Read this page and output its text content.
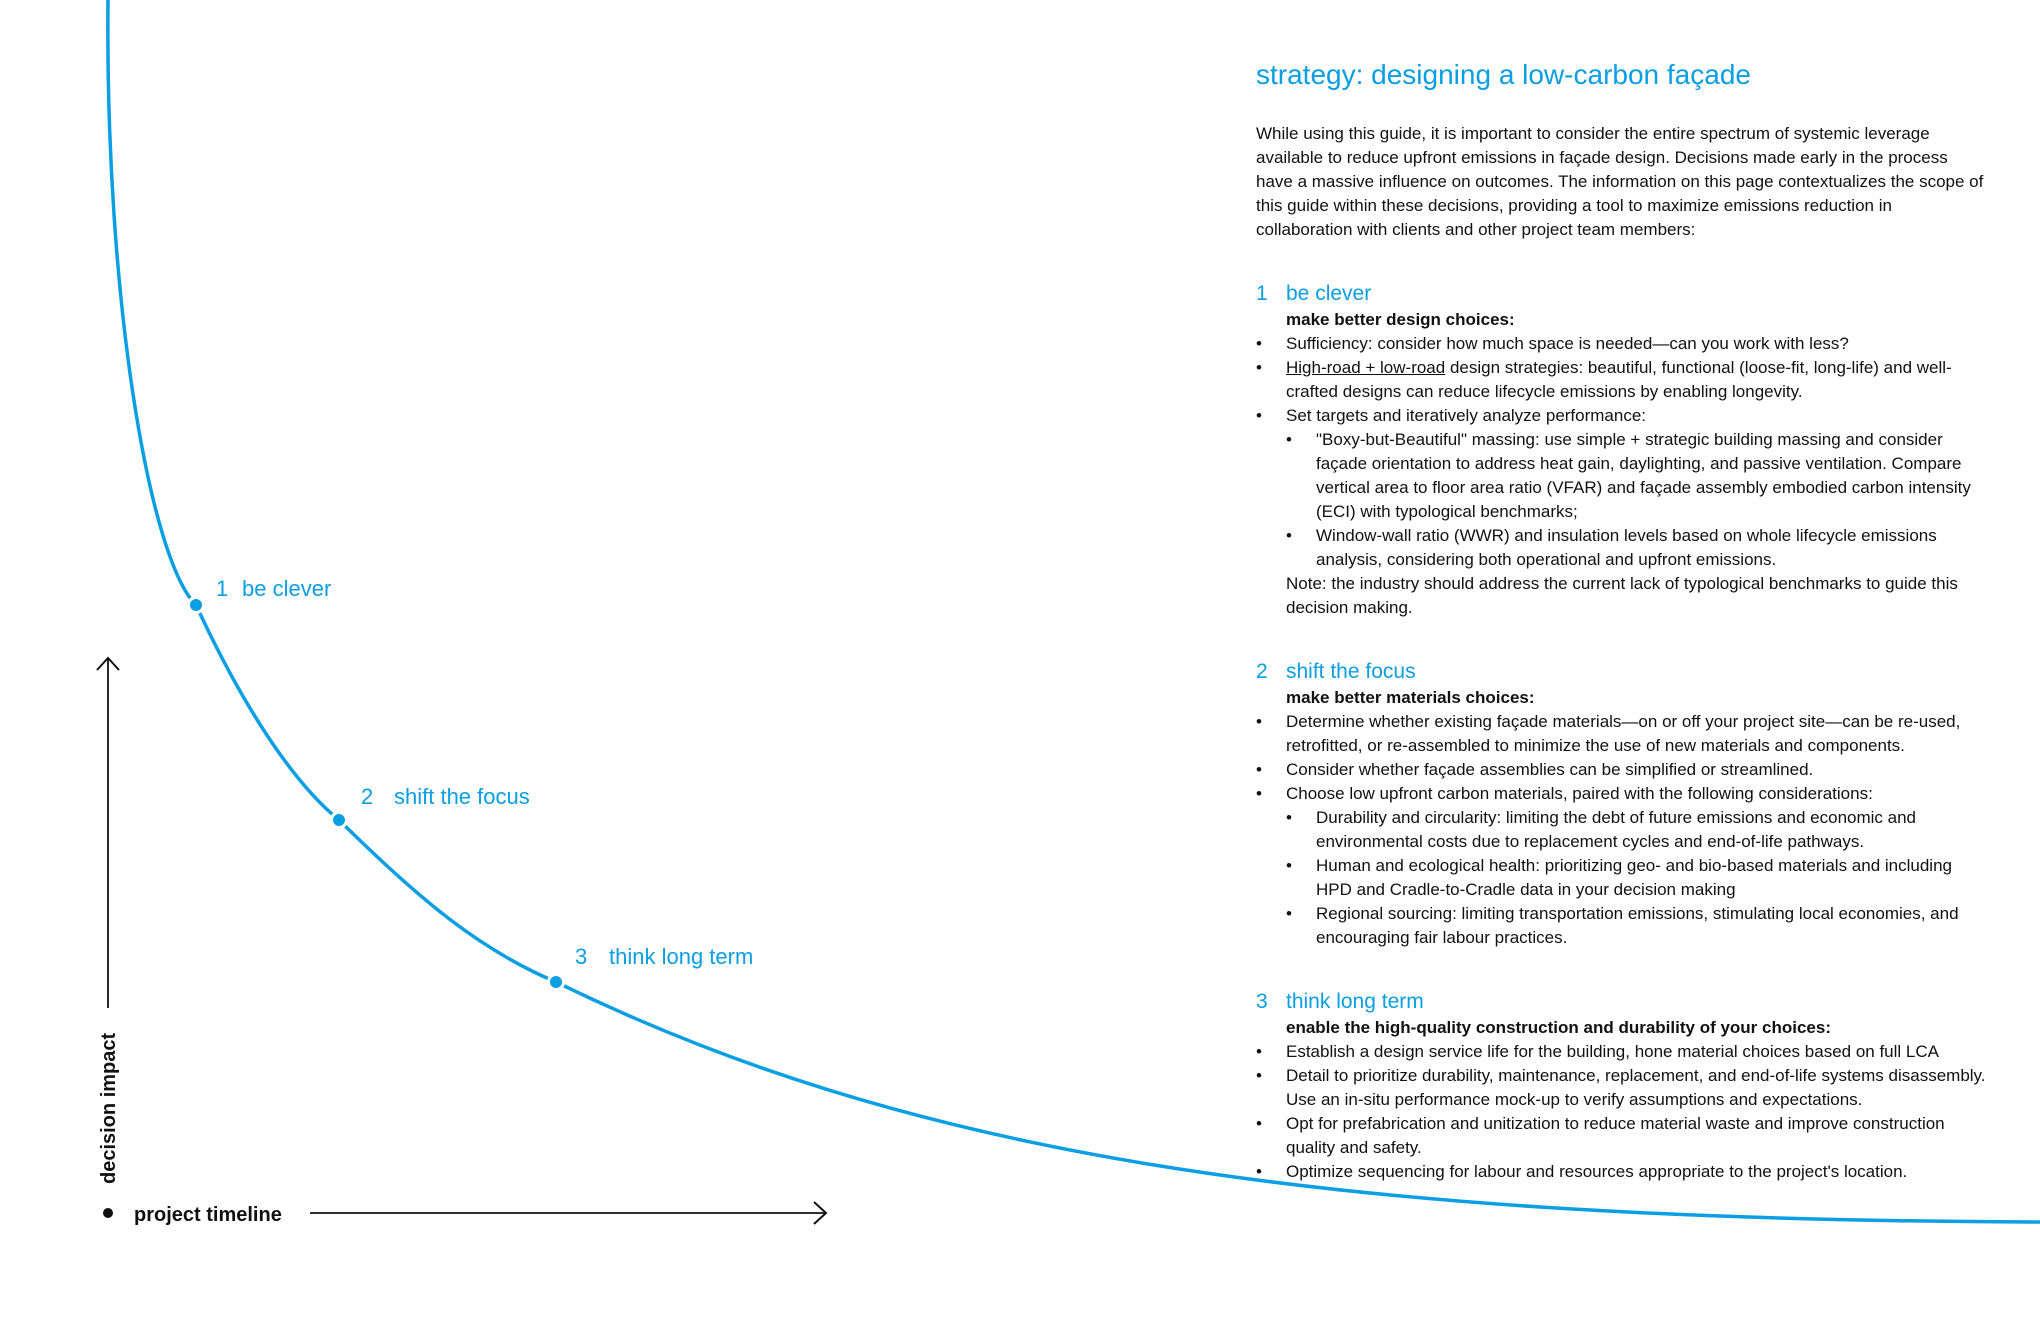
1 be clever
2 shift the focus
3 think long term
decision impact
project timeline
strategy: designing a low-carbon façade

While using this guide, it is important to consider the entire spectrum of systemic leverage available to reduce upfront emissions in façade design. Decisions made early in the process have a massive influence on outcomes. The information on this page contextualizes the scope of this guide within these decisions, providing a tool to maximize emissions reduction in collaboration with clients and other project team members:

1 be clever
make better design choices:
• Sufficiency: consider how much space is needed—can you work with less?
• High-road + low-road design strategies: beautiful, functional (loose-fit, long-life) and well-crafted designs can reduce lifecycle emissions by enabling longevity.
• Set targets and iteratively analyze performance:
• "Boxy-but-Beautiful" massing: use simple + strategic building massing and consider façade orientation to address heat gain, daylighting, and passive ventilation. Compare vertical area to floor area ratio (VFAR) and façade assembly embodied carbon intensity (ECI) with typological benchmarks;
• Window-wall ratio (WWR) and insulation levels based on whole lifecycle emissions analysis, considering both operational and upfront emissions.
Note: the industry should address the current lack of typological benchmarks to guide this decision making.
2 shift the focus
make better materials choices:
• Determine whether existing façade materials—on or off your project site—can be re-used, retrofitted, or re-assembled to minimize the use of new materials and components.
• Consider whether façade assemblies can be simplified or streamlined.
• Choose low upfront carbon materials, paired with the following considerations:
• Durability and circularity: limiting the debt of future emissions and economic and environmental costs due to replacement cycles and end-of-life pathways.
• Human and ecological health: prioritizing geo- and bio-based materials and including HPD and Cradle-to-Cradle data in your decision making
• Regional sourcing: limiting transportation emissions, stimulating local economies, and encouraging fair labour practices.
3 think long term
enable the high-quality construction and durability of your choices:
• Establish a design service life for the building, hone material choices based on full LCA
• Detail to prioritize durability, maintenance, replacement, and end-of-life systems disassembly. Use an in-situ performance mock-up to verify assumptions and expectations.
• Opt for prefabrication and unitization to reduce material waste and improve construction quality and safety.
• Optimize sequencing for labour and resources appropriate to the project's location.
